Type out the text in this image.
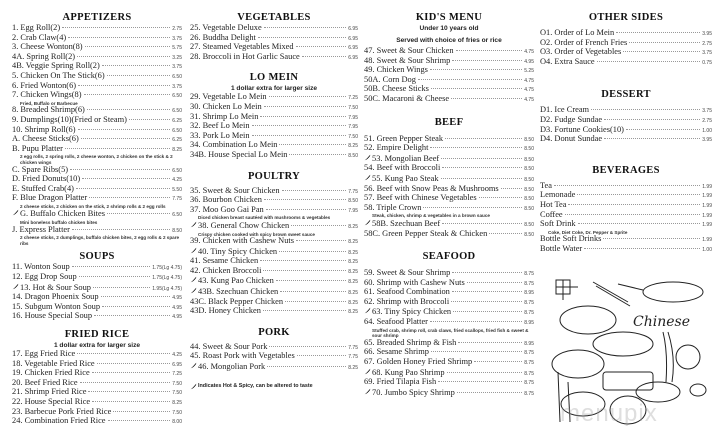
APPETIZERS
1. Egg Roll(2)	2.75
2. Crab Claw(4)	3.75
3. Cheese Wonton(8)	5.75
4A. Spring Roll(2)	3.25
4B. Veggie Spring Roll(2)	3.75
5. Chicken On The Stick(6)	6.50
6. Fried Wonton(6)	3.75
7. Chicken Wings(8)	6.50
Fried, Buffalo or Barbecue
8. Breaded Shrimp(6)	6.50
9. Dumplings(10)(Fried or Steam)	6.25
10. Shrimp Roll(6)	6.50
A. Cheese Sticks(6)	6.25
B. Pupu Platter	8.25
2 egg rolls, 2 spring rolls, 2 cheese wonton, 2 chicken on the stick & 2 chicken wings
C. Spare Ribs(5)	6.50
D. Fried Donuts(10)	4.25
E. Stuffed Crab(4)	5.50
F. Blue Dragon Platter	7.75
2 cheese sticks, 2 chicken on the stick, 2 shrimp rolls & 2 egg rolls
G. Buffalo Chicken Bites	6.50
Mini boneless buffalo chicken bites
J. Express Platter	8.50
2 cheese sticks, 2 dumplings, buffalo chicken bites, 2 egg rolls & 2 spare ribs
SOUPS
11. Wonton Soup	1.75(Lg 4.75)
12. Egg Drop Soup	1.75(Lg 4.75)
13. Hot & Sour Soup	1.95(Lg 4.75)
14. Dragon Phoenix Soup	4.95
15. Subgum Wonton Soup	4.95
16. House Special Soup	4.95
FRIED RICE
1 dollar extra for larger size
17. Egg Fried Rice	4.25
18. Vegetable Fried Rice	6.95
19. Chicken Fried Rice	7.25
20. Beef Fried Rice	7.50
21. Shrimp Fried Rice	7.50
22. House Special Rice	8.25
23. Barbecue Pork Fried Rice	7.50
24. Combination Fried Rice	8.00
VEGETABLES
25. Vegetable Deluxe	6.95
26. Buddha Delight	6.95
27. Steamed Vegetables Mixed	6.95
28. Broccoli in Hot Garlic Sauce	6.95
LO MEIN
1 dollar extra for larger size
29. Vegetable Lo Mein	7.25
30. Chicken Lo Mein	7.50
31. Shrimp Lo Mein	7.95
32. Beef Lo Mein	7.95
33. Pork Lo Mein	7.50
34. Combination Lo Mein	8.25
34B. House Special Lo Mein	8.50
POULTRY
35. Sweet & Sour Chicken	7.75
36. Bourbon Chicken	8.50
37. Moo Goo Gai Pan	7.95
Diced chicken breast sautéed with mushrooms & vegetables
38. General Chow Chicken	8.25
Crispy chicken cooked with spicy brown sweet sauce
39. Chicken with Cashew Nuts	8.25
40. Tiny Spicy Chicken	8.25
41. Sesame Chicken	8.25
42. Chicken Broccoli	8.25
43. Kung Pao Chicken	8.25
43B. Szechuan Chicken	8.25
43C. Black Pepper Chicken	8.25
43D. Honey Chicken	8.25
PORK
44. Sweet & Sour Pork	7.75
45. Roast Pork with Vegetables	7.75
46. Mongolian Pork	8.25
Indicates Hot & Spicy, can be altered to taste
KID'S MENU
Under 10 years old
Served with choice of fries or rice
47. Sweet & Sour Chicken	4.75
48. Sweet & Sour Shrimp	4.95
49. Chicken Wings	5.25
50A. Corn Dog	4.75
50B. Cheese Sticks	4.75
50C. Macaroni & Cheese	4.75
BEEF
51. Green Pepper Steak	8.50
52. Empire Delight	8.50
53. Mongolian Beef	8.50
54. Beef with Broccoli	8.50
55. Kung Pao Steak	8.50
56. Beef with Snow Peas & Mushrooms	8.50
57. Beef with Chinese Vegetables	8.50
58. Triple Crown	8.50
Steak, chicken, shrimp & vegetables in a brown sauce
58B. Szechuan Beef	8.50
58C. Green Pepper Steak & Chicken	8.50
SEAFOOD
59. Sweet & Sour Shrimp	8.75
60. Shrimp with Cashew Nuts	8.75
61. Seafood Combination	8.95
62. Shrimp with Broccoli	8.75
63. Tiny Spicy Chicken	8.75
64. Seafood Platter	8.95
Stuffed crab, shrimp roll, crab claws, fried scallops, fried fish & sweet & sour shrimp
65. Breaded Shrimp & Fish	8.95
66. Sesame Shrimp	8.75
67. Golden Honey Fried Shrimp	8.75
68. Kung Pao Shrimp	8.75
69. Fried Tilapia Fish	8.75
70. Jumbo Spicy Shrimp	8.75
OTHER SIDES
O1. Order of Lo Mein	3.95
O2. Order of French Fries	2.75
O3. Order of Vegetables	3.75
O4. Extra Sauce	0.75
DESSERT
D1. Ice Cream	3.75
D2. Fudge Sundae	2.75
D3. Fortune Cookies(10)	1.00
D4. Donut Sundae	3.95
BEVERAGES
Tea	1.99
Lemonade	1.99
Hot Tea	1.99
Coffee	1.99
Soft Drink	1.99
Coke, Diet Coke, Dr. Pepper & Sprite
Bottle Soft Drinks	1.99
Bottle Water	1.00
Chinese
menupix
